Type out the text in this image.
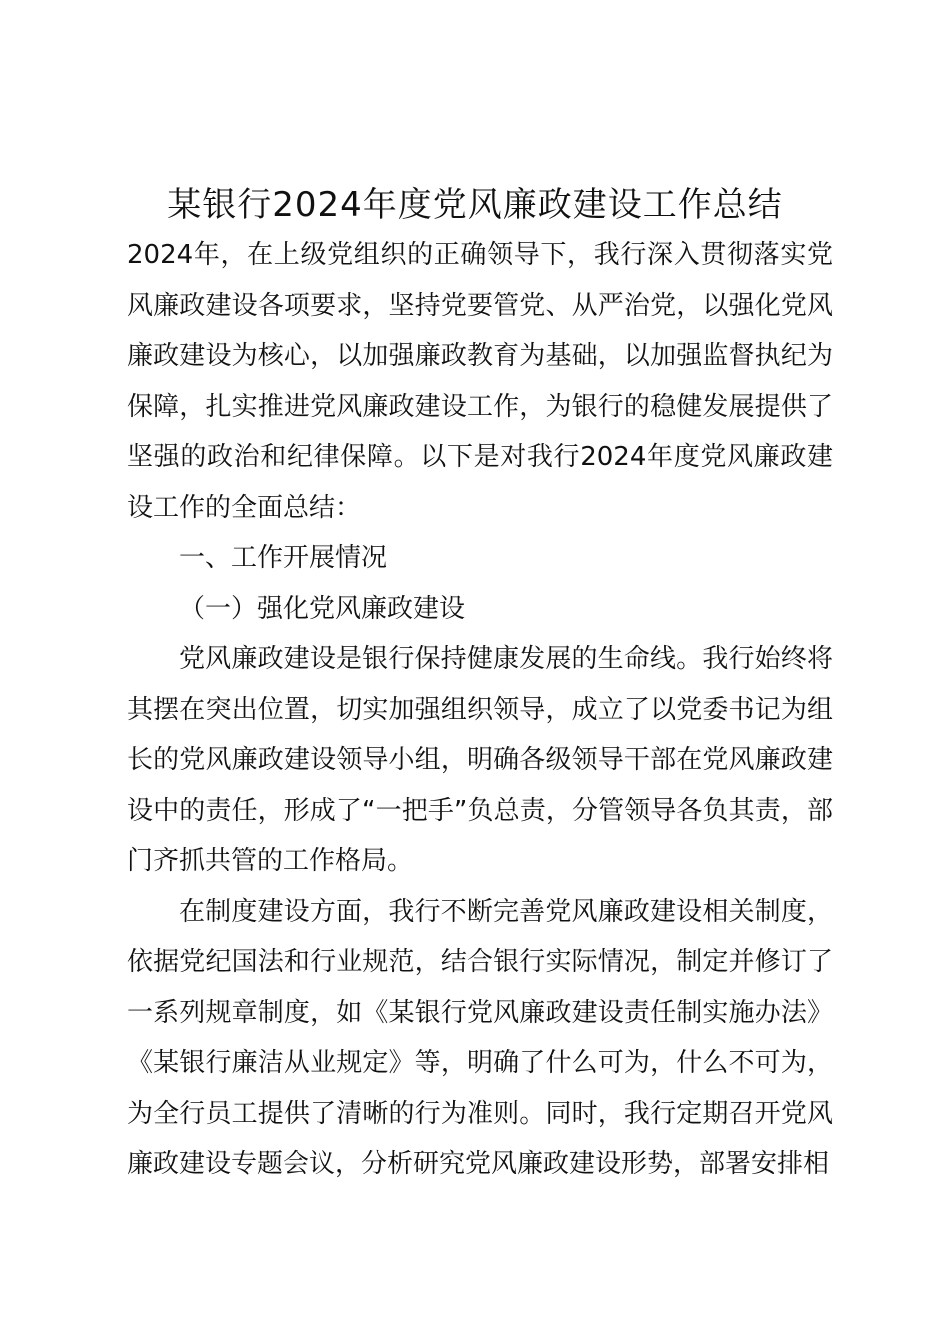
某银行2024年度党风廉政建设工作总结

2024年，在上级党组织的正确领导下，我行深入贯彻落实党风廉政建设各项要求，坚持党要管党、从严治党，以强化党风廉政建设为核心，以加强廉政教育为基础，以加强监督执纪为保障，扎实推进党风廉政建设工作，为银行的稳健发展提供了坚强的政治和纪律保障。以下是对我行2024年度党风廉政建设工作的全面总结：

一、工作开展情况

（一）强化党风廉政建设

党风廉政建设是银行保持健康发展的生命线。我行始终将其摆在突出位置，切实加强组织领导，成立了以党委书记为组长的党风廉政建设领导小组，明确各级领导干部在党风廉政建设中的责任，形成了“一把手”负总责，分管领导各负其责，部门齐抓共管的工作格局。

在制度建设方面，我行不断完善党风廉政建设相关制度，依据党纪国法和行业规范，结合银行实际情况，制定并修订了一系列规章制度，如《某银行党风廉政建设责任制实施办法》《某银行廉洁从业规定》等，明确了什么可为，什么不可为，为全行员工提供了清晰的行为准则。同时，我行定期召开党风廉政建设专题会议，分析研究党风廉政建设形势，部署安排相
